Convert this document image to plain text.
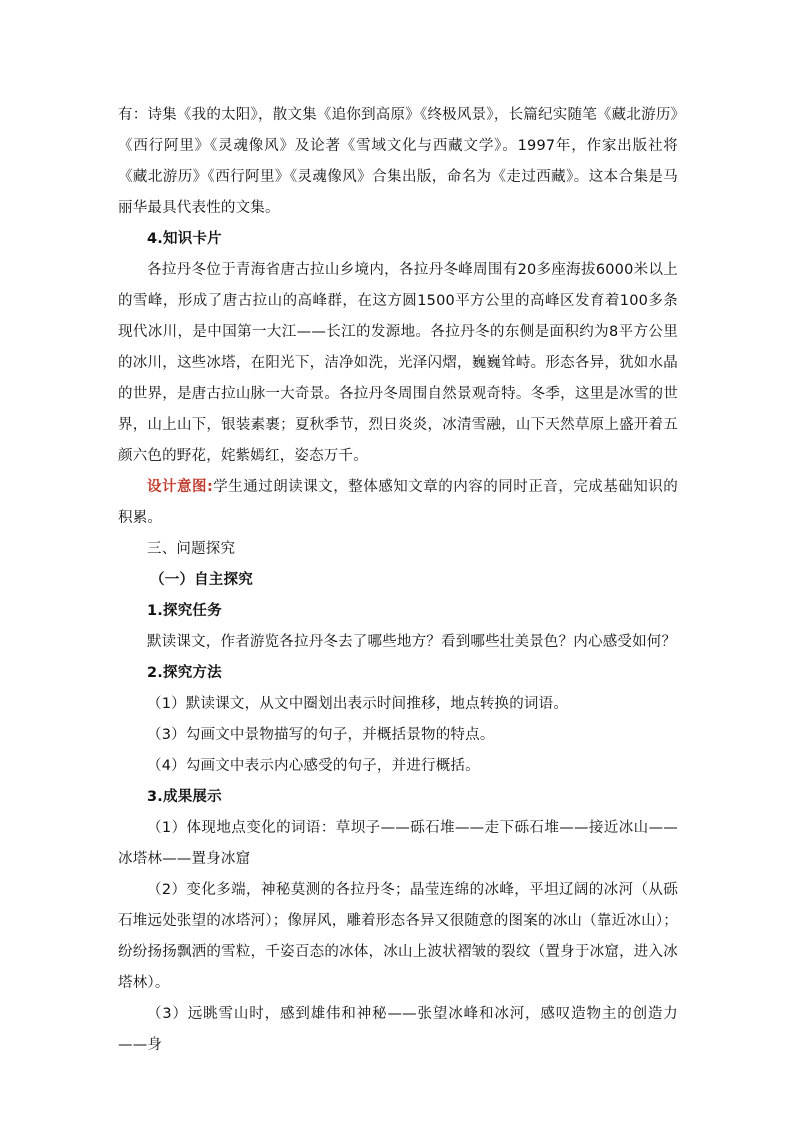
有：诗集《我的太阳》，散文集《追你到高原》《终极风景》，长篇纪实随笔《藏北游历》《西行阿里》《灵魂像风》及论著《雪域文化与西藏文学》。1997年，作家出版社将《藏北游历》《西行阿里》《灵魂像风》合集出版，命名为《走过西藏》。这本合集是马丽华最具代表性的文集。

4.知识卡片

各拉丹冬位于青海省唐古拉山乡境内，各拉丹冬峰周围有20多座海拔6000米以上的雪峰，形成了唐古拉山的高峰群，在这方圆1500平方公里的高峰区发育着100多条现代冰川，是中国第一大江——长江的发源地。各拉丹冬的东侧是面积约为8平方公里的冰川，这些冰塔，在阳光下，洁净如洗，光泽闪熠，巍巍耸峙。形态各异，犹如水晶的世界，是唐古拉山脉一大奇景。各拉丹冬周围自然景观奇特。冬季，这里是冰雪的世界，山上山下，银装素裹；夏秋季节，烈日炎炎，冰清雪融，山下天然草原上盛开着五颜六色的野花，姹紫嫣红，姿态万千。

设计意图:学生通过朗读课文，整体感知文章的内容的同时正音，完成基础知识的积累。

三、问题探究

（一）自主探究

1.探究任务

默读课文，作者游览各拉丹冬去了哪些地方？看到哪些壮美景色？内心感受如何？

2.探究方法

（1）默读课文，从文中圈划出表示时间推移，地点转换的词语。

（3）勾画文中景物描写的句子，并概括景物的特点。

（4）勾画文中表示内心感受的句子，并进行概括。

3.成果展示

（1）体现地点变化的词语：草坝子——砾石堆——走下砾石堆——接近冰山——冰塔林——置身冰窟

（2）变化多端，神秘莫测的各拉丹冬；晶莹连绵的冰峰，平坦辽阔的冰河（从砾石堆远处张望的冰塔河）；像屏风，雕着形态各异又很随意的图案的冰山（靠近冰山）；纷纷扬扬飘洒的雪粒，千姿百态的冰体，冰山上波状褶皱的裂纹（置身于冰窟，进入冰塔林）。

（3）远眺雪山时，感到雄伟和神秘——张望冰峰和冰河，感叹造物主的创造力——身
